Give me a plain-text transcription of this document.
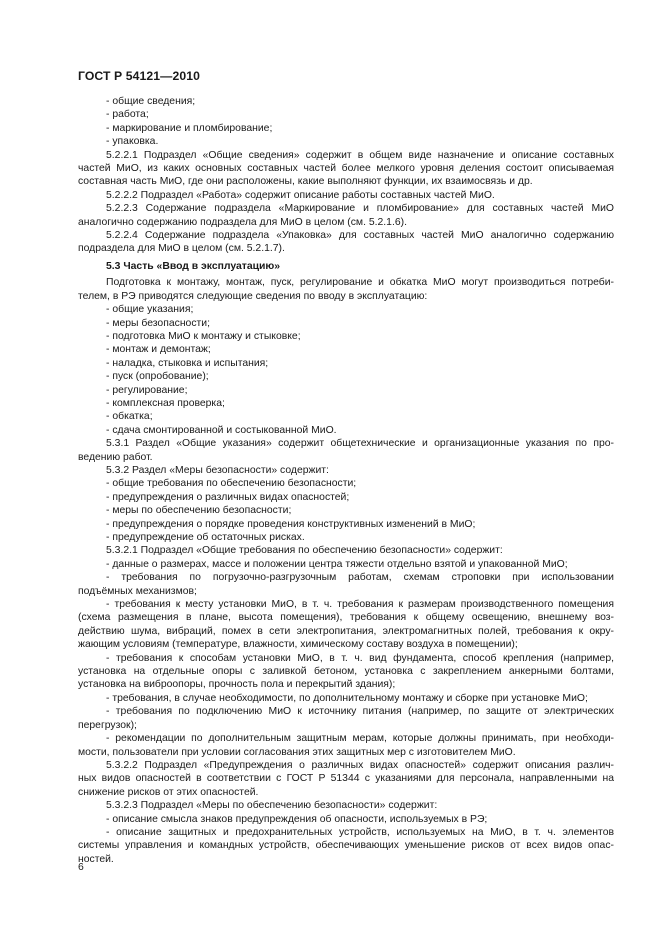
ГОСТ Р 54121—2010

- общие сведения;

- работа;

- маркирование и пломбирование;

- упаковка.

5.2.2.1 Подраздел «Общие сведения» содержит в общем виде назначение и описание составных

частей МиО, из каких основных составных частей более мелкого уровня деления состоит описываемая

составная часть МиО, где они расположены, какие выполняют функции, их взаимосвязь и др.

5.2.2.2 Подраздел «Работа» содержит описание работы составных частей МиО.

5.2.2.3 Содержание подраздела «Маркирование и пломбирование» для составных частей МиО

аналогично содержанию подраздела для МиО в целом (см. 5.2.1.6).

5.2.2.4 Содержание подраздела «Упаковка» для составных частей МиО аналогично содержанию

подраздела для МиО в целом (см. 5.2.1.7).

5.3 Часть «Ввод в эксплуатацию»

Подготовка к монтажу, монтаж, пуск, регулирование и обкатка МиО могут производиться потреби-

телем, в РЭ приводятся следующие сведения по вводу в эксплуатацию:

- общие указания;

- меры безопасности;

- подготовка МиО к монтажу и стыковке;

- монтаж и демонтаж;

- наладка, стыковка и испытания;

- пуск (опробование);

- регулирование;

- комплексная проверка;

- обкатка;

- сдача смонтированной и состыкованной МиО.

5.3.1 Раздел «Общие указания» содержит общетехнические и организационные указания по про-

ведению работ.

5.3.2 Раздел «Меры безопасности» содержит:

- общие требования по обеспечению безопасности;

- предупреждения о различных видах опасностей;

- меры по обеспечению безопасности;

- предупреждения о порядке проведения конструктивных изменений в МиО;

- предупреждение об остаточных рисках.

5.3.2.1 Подраздел «Общие требования по обеспечению безопасности» содержит:

- данные о размерах, массе и положении центра тяжести отдельно взятой и упакованной МиО;

- требования по погрузочно-разгрузочным работам, схемам строповки при использовании

подъёмных механизмов;

- требования к месту установки МиО, в т. ч. требования к размерам производственного помещения

(схема размещения в плане, высота помещения), требования к общему освещению, внешнему воз-

действию шума, вибраций, помех в сети электропитания, электромагнитных полей, требования к окру-

жающим условиям (температуре, влажности, химическому составу воздуха в помещении);

- требования к способам установки МиО, в т. ч. вид фундамента, способ крепления (например,

установка на отдельные опоры с заливкой бетоном, установка с закреплением анкерными болтами,

установка на виброопоры, прочность пола и перекрытий здания);

- требования, в случае необходимости, по дополнительному монтажу и сборке при установке МиО;

- требования по подключению МиО к источнику питания (например, по защите от электрических

перегрузок);

- рекомендации по дополнительным защитным мерам, которые должны принимать, при необходи-

мости, пользователи при условии согласования этих защитных мер с изготовителем МиО.

5.3.2.2 Подраздел «Предупреждения о различных видах опасностей» содержит описания различ-

ных видов опасностей в соответствии с ГОСТ Р 51344 с указаниями для персонала, направленными на

снижение рисков от этих опасностей.

5.3.2.3 Подраздел «Меры по обеспечению безопасности» содержит:

- описание смысла знаков предупреждения об опасности, используемых в РЭ;

- описание защитных и предохранительных устройств, используемых на МиО, в т. ч. элементов

системы управления и командных устройств, обеспечивающих уменьшение рисков от всех видов опас-

ностей.

6
